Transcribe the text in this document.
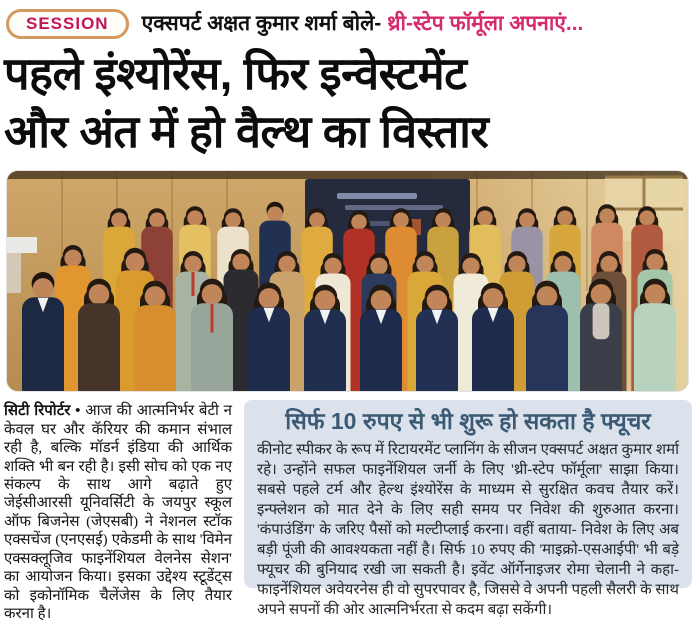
SESSION एक्सपर्ट अक्षत कुमार शर्मा बोले- थ्री-स्टेप फॉर्मूला अपनाएं...
पहले इंश्योरेंस, फिर इन्वेस्टमेंट
और अंत में हो वैल्थ का विस्तार

सिटी रिपोर्टर • आज की आत्मनिर्भर बेटी न केवल घर और कॅरियर की कमान संभाल रही है, बल्कि मॉडर्न इंडिया की आर्थिक शक्ति भी बन रही है। इसी सोच को एक नए संकल्प के साथ आगे बढ़ाते हुए जेईसीआरसी यूनिवर्सिटी के जयपुर स्कूल ऑफ बिजनेस (जेएसबी) ने नेशनल स्टॉक एक्सचेंज (एनएसई) एकेडमी के साथ 'विमेन एक्सक्लूजिव फाइनेंशियल वेलनेस सेशन' का आयोजन किया। इसका उद्देश्य स्टूडेंट्स को इकोनॉमिक चैलेंजेस के लिए तैयार करना है।

सिर्फ 10 रुपए से भी शुरू हो सकता है फ्यूचर

कीनोट स्पीकर के रूप में रिटायरमेंट प्लानिंग के सीजन एक्सपर्ट अक्षत कुमार शर्मा रहे। उन्होंने सफल फाइनेंशियल जर्नी के लिए 'थ्री-स्टेप फॉर्मूला' साझा किया। सबसे पहले टर्म और हेल्थ इंश्योरेंस के माध्यम से सुरक्षित कवच तैयार करें। इन्फ्लेशन को मात देने के लिए सही समय पर निवेश की शुरुआत करना। 'कंपाउंडिंग' के जरिए पैसों को मल्टीप्लाई करना। वहीं बताया- निवेश के लिए अब बड़ी पूंजी की आवश्यकता नहीं है। सिर्फ 10 रुपए की 'माइक्रो-एसआईपी' भी बड़े फ्यूचर की बुनियाद रखी जा सकती है। इवेंट ऑर्गेनाइजर रोमा चेलानी ने कहा- फाइनेंशियल अवेयरनेस ही वो सुपरपावर है, जिससे वे अपनी पहली सैलरी के साथ अपने सपनों की ओर आत्मनिर्भरता से कदम बढ़ा सकेंगी।
